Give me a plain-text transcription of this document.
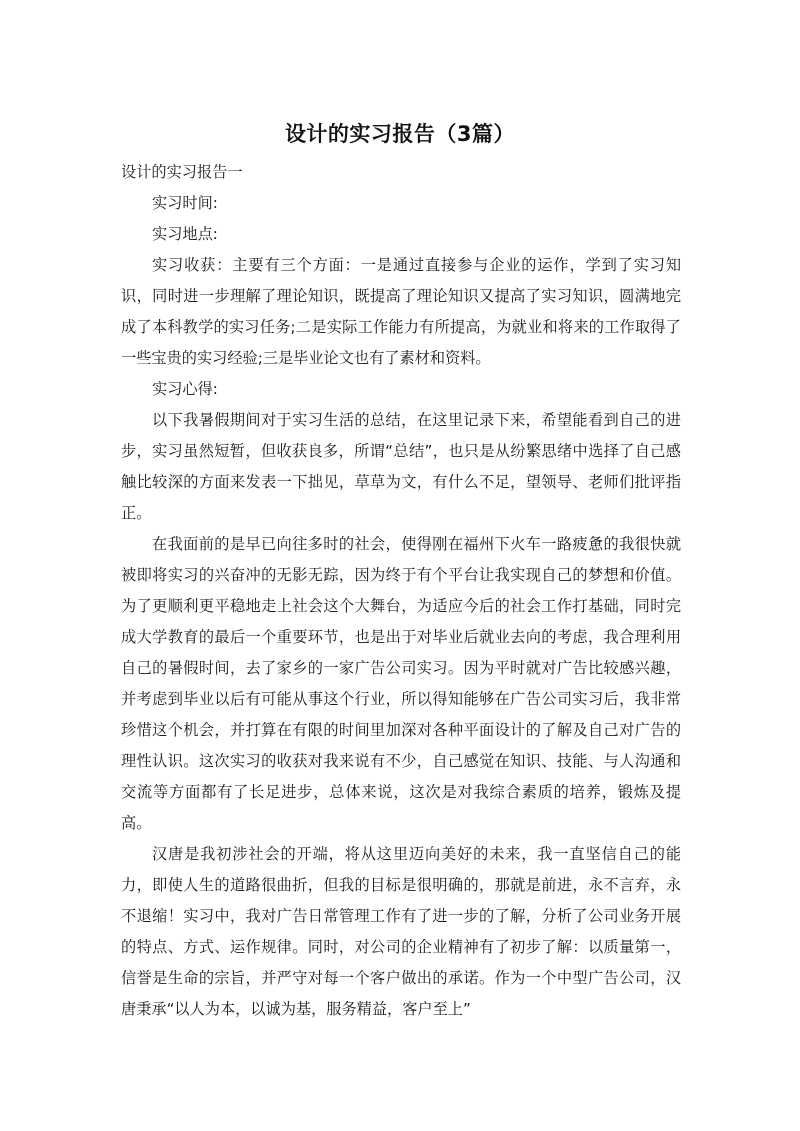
设计的实习报告（3篇）

设计的实习报告一

实习时间:

实习地点:

实习收获：主要有三个方面：一是通过直接参与企业的运作，学到了实习知识，同时进一步理解了理论知识，既提高了理论知识又提高了实习知识，圆满地完成了本科教学的实习任务;二是实际工作能力有所提高，为就业和将来的工作取得了一些宝贵的实习经验;三是毕业论文也有了素材和资料。

实习心得:

以下我暑假期间对于实习生活的总结，在这里记录下来，希望能看到自己的进步，实习虽然短暂，但收获良多，所谓“总结”，也只是从纷繁思绪中选择了自己感触比较深的方面来发表一下拙见，草草为文，有什么不足，望领导、老师们批评指正。

在我面前的是早已向往多时的社会，使得刚在福州下火车一路疲惫的我很快就被即将实习的兴奋冲的无影无踪，因为终于有个平台让我实现自己的梦想和价值。为了更顺利更平稳地走上社会这个大舞台，为适应今后的社会工作打基础，同时完成大学教育的最后一个重要环节，也是出于对毕业后就业去向的考虑，我合理利用自己的暑假时间，去了家乡的一家广告公司实习。因为平时就对广告比较感兴趣，并考虑到毕业以后有可能从事这个行业，所以得知能够在广告公司实习后，我非常珍惜这个机会，并打算在有限的时间里加深对各种平面设计的了解及自己对广告的理性认识。这次实习的收获对我来说有不少，自己感觉在知识、技能、与人沟通和交流等方面都有了长足进步，总体来说，这次是对我综合素质的培养，锻炼及提高。

汉唐是我初涉社会的开端，将从这里迈向美好的未来，我一直坚信自己的能力，即使人生的道路很曲折，但我的目标是很明确的，那就是前进，永不言弃，永不退缩！实习中，我对广告日常管理工作有了进一步的了解，分析了公司业务开展的特点、方式、运作规律。同时，对公司的企业精神有了初步了解：以质量第一，信誉是生命的宗旨，并严守对每一个客户做出的承诺。作为一个中型广告公司，汉唐秉承“以人为本，以诚为基，服务精益，客户至上”
